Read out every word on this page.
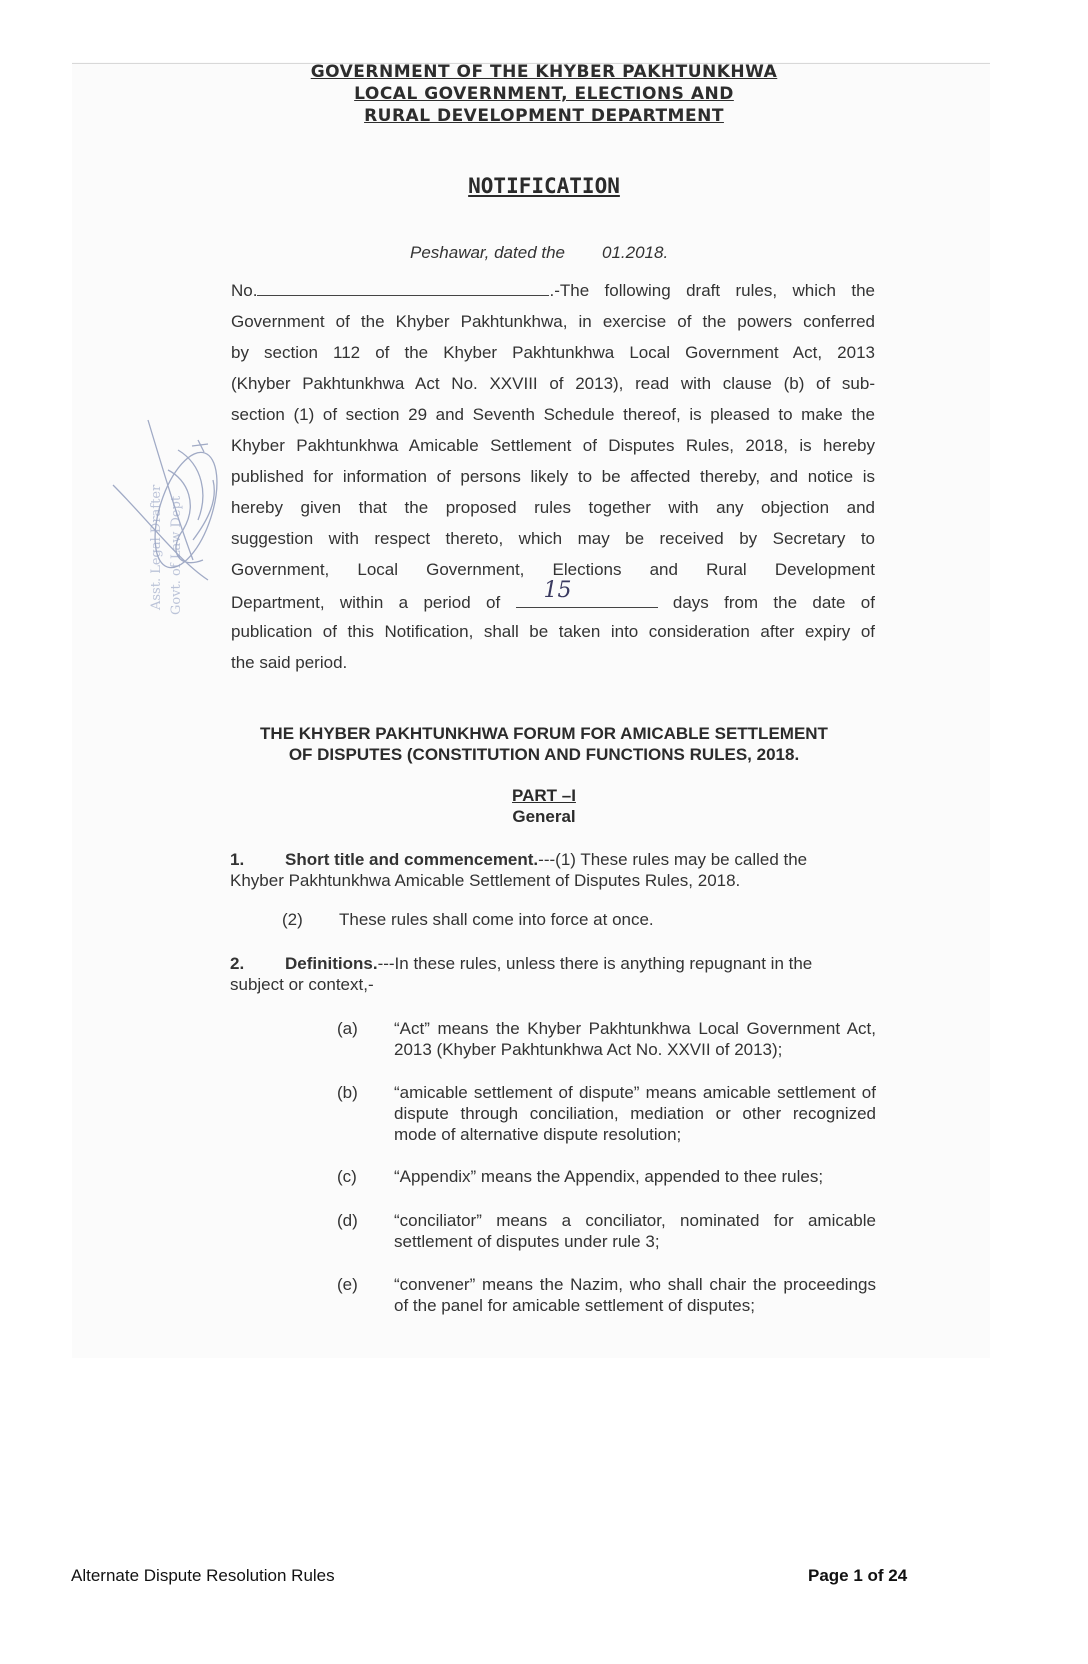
GOVERNMENT OF THE KHYBER PAKHTUNKHWA
LOCAL GOVERNMENT, ELECTIONS AND
RURAL DEVELOPMENT DEPARTMENT
NOTIFICATION
Peshawar, dated the 01.2018.
No.	.-The following draft rules, which the
Government of the Khyber Pakhtunkhwa, in exercise of the powers conferred
by section 112 of the Khyber Pakhtunkhwa Local Government Act, 2013
(Khyber Pakhtunkhwa Act No. XXVIII of 2013), read with clause (b) of sub-
section (1) of section 29 and Seventh Schedule thereof, is pleased to make the
Khyber Pakhtunkhwa Amicable Settlement of Disputes Rules, 2018, is hereby
published for information of persons likely to be affected thereby, and notice is
hereby given that the proposed rules together with any objection and
suggestion with respect thereto, which may be received by Secretary to
Government, Local Government, Elections and Rural Development
Department, within a period of 15	days from the date of
publication of this Notification, shall be taken into consideration after expiry of
the said period.
Asst. Legal Drafter Govt. of Law Dept
THE KHYBER PAKHTUNKHWA FORUM FOR AMICABLE SETTLEMENT
OF DISPUTES (CONSTITUTION AND FUNCTIONS RULES, 2018.
PART –I
General
1. Short title and commencement.---(1) These rules may be called the
Khyber Pakhtunkhwa Amicable Settlement of Disputes Rules, 2018.
(2) These rules shall come into force at once.
2. Definitions.---In these rules, unless there is anything repugnant in the
subject or context,-
(a) “Act” means the Khyber Pakhtunkhwa Local Government Act, 2013 (Khyber Pakhtunkhwa Act No. XXVII of 2013);
(b) “amicable settlement of dispute” means amicable settlement of dispute through conciliation, mediation or other recognized mode of alternative dispute resolution;
(c) “Appendix” means the Appendix, appended to thee rules;
(d) “conciliator” means a conciliator, nominated for amicable settlement of disputes under rule 3;
(e) “convener” means the Nazim, who shall chair the proceedings of the panel for amicable settlement of disputes;
Alternate Dispute Resolution Rules	Page 1 of 24
